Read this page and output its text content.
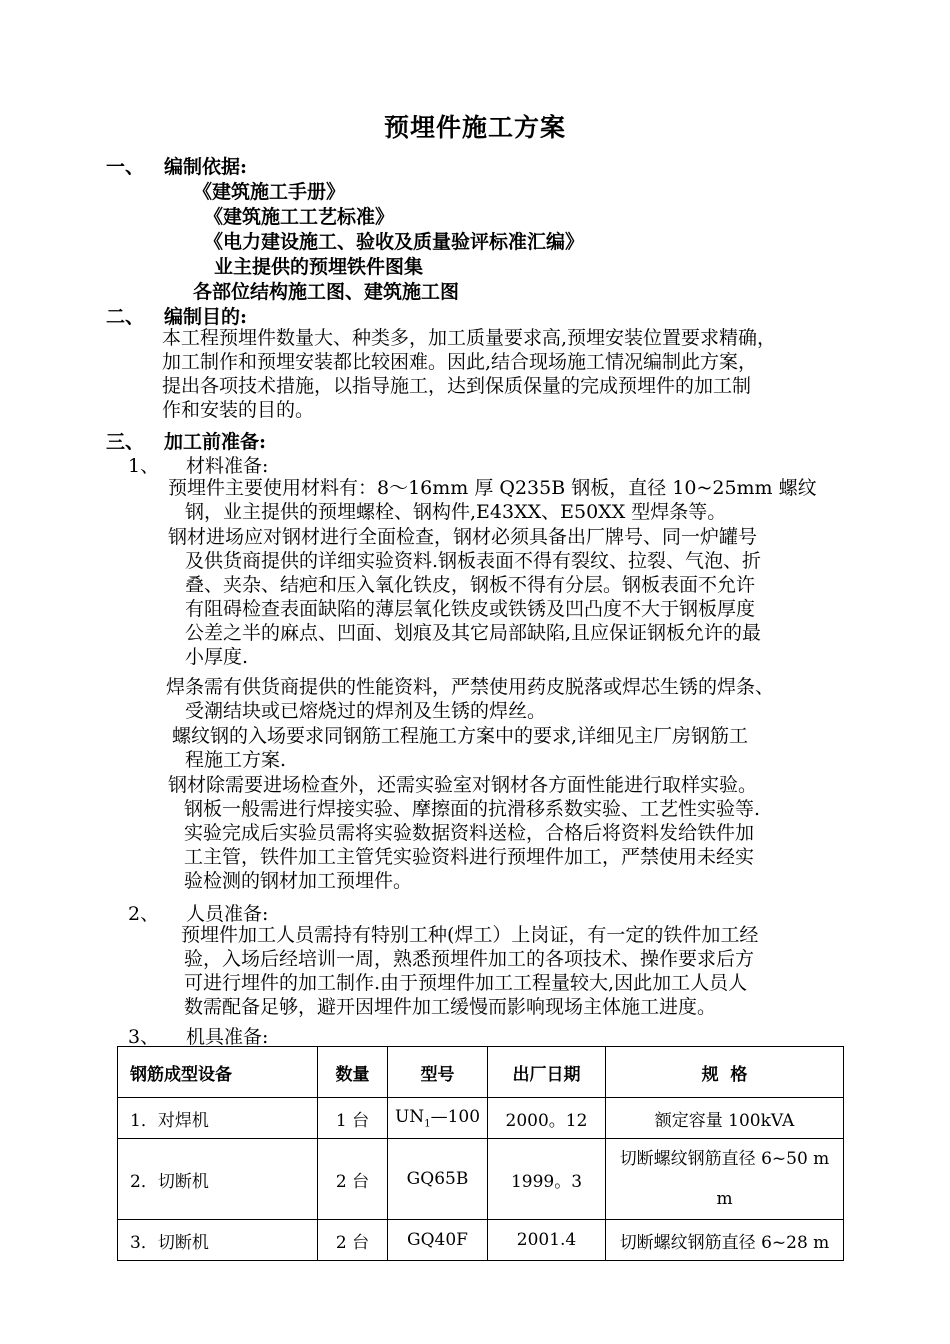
预埋件施工方案
一、 编制依据:
《建筑施工手册》
《建筑施工工艺标准》
《电力建设施工、验收及质量验评标准汇编》
业主提供的预埋铁件图集
各部位结构施工图、建筑施工图
二、 编制目的:
本工程预埋件数量大、种类多，加工质量要求高,预埋安装位置要求精确，
加工制作和预埋安装都比较困难。因此,结合现场施工情况编制此方案，
提出各项技术措施，以指导施工，达到保质保量的完成预埋件的加工制
作和安装的目的。
三、 加工前准备:
1、 材料准备:
预埋件主要使用材料有：8～16mm 厚 Q235B 钢板，直径 10~25mm 螺纹
钢，业主提供的预埋螺栓、钢构件,E43XX、E50XX 型焊条等。
钢材进场应对钢材进行全面检查，钢材必须具备出厂牌号、同一炉罐号
及供货商提供的详细实验资料.钢板表面不得有裂纹、拉裂、气泡、折
叠、夹杂、结疤和压入氧化铁皮，钢板不得有分层。钢板表面不允许
有阻碍检查表面缺陷的薄层氧化铁皮或铁锈及凹凸度不大于钢板厚度
公差之半的麻点、凹面、划痕及其它局部缺陷,且应保证钢板允许的最
小厚度.
焊条需有供货商提供的性能资料，严禁使用药皮脱落或焊芯生锈的焊条、
受潮结块或已熔烧过的焊剂及生锈的焊丝。
螺纹钢的入场要求同钢筋工程施工方案中的要求,详细见主厂房钢筋工
程施工方案.
钢材除需要进场检查外，还需实验室对钢材各方面性能进行取样实验。
钢板一般需进行焊接实验、摩擦面的抗滑移系数实验、工艺性实验等.
实验完成后实验员需将实验数据资料送检，合格后将资料发给铁件加
工主管，铁件加工主管凭实验资料进行预埋件加工，严禁使用未经实
验检测的钢材加工预埋件。
2、 人员准备:
预埋件加工人员需持有特别工种(焊工）上岗证，有一定的铁件加工经
验，入场后经培训一周，熟悉预埋件加工的各项技术、操作要求后方
可进行埋件的加工制作.由于预埋件加工工程量较大,因此加工人员人
数需配备足够，避开因埋件加工缓慢而影响现场主体施工进度。
3、 机具准备:
钢筋成型设备	数量	型号	出厂日期	规  格
1．对焊机	1 台	$UN_1—100$	2000。12	额定容量 100kVA
2．切断机	2 台	GQ65B	1999。3	切断螺纹钢筋直径 6~50 m
m

3．切断机	2 台	GQ40F	2001.4	切断螺纹钢筋直径 6~28 m
